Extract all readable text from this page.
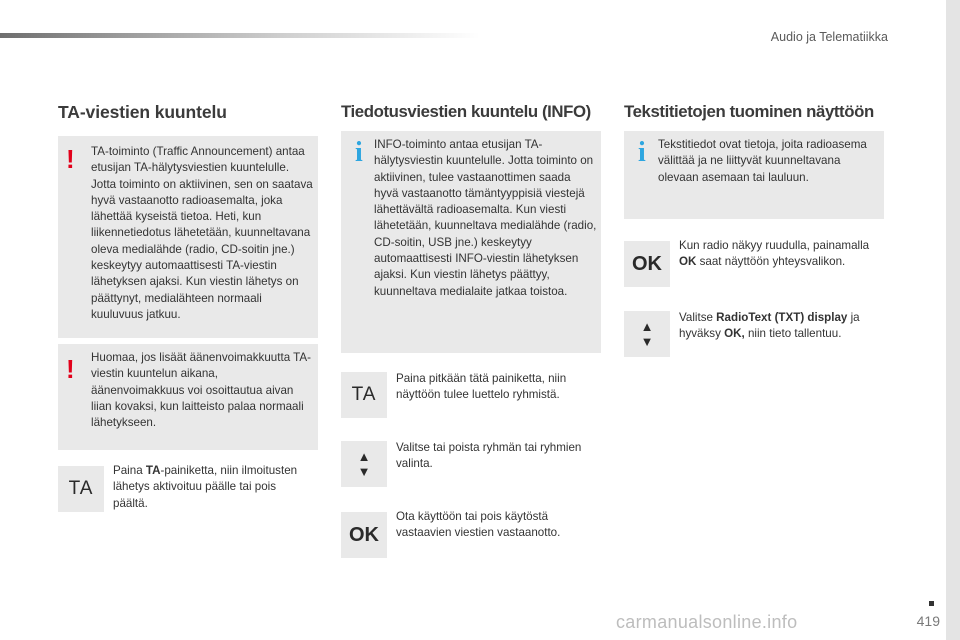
Audio ja Telematiikka
TA-viestien kuuntelu
! TA-toiminto (Traffic Announcement) antaa etusijan TA-hälytysviestien kuuntelulle. Jotta toiminto on aktiivinen, sen on saatava hyvä vastaanotto radioasemalta, joka lähettää kyseistä tietoa. Heti, kun liikennetiedotus lähetetään, kuunneltavana oleva medialähde (radio, CD-soitin jne.) keskeytyy automaattisesti TA-viestin lähetyksen ajaksi. Kun viestin lähetys on päättynyt, medialähteen normaali kuuluvuus jatkuu.
! Huomaa, jos lisäät äänenvoimakkuutta TA-viestin kuuntelun aikana, äänenvoimakkuus voi osoittautua aivan liian kovaksi, kun laitteisto palaa normaali lähetykseen.
TA
Paina TA-painiketta, niin ilmoitusten lähetys aktivoituu päälle tai pois päältä.
Tiedotusviestien kuuntelu (INFO)
i INFO-toiminto antaa etusijan TA-hälytysviestin kuuntelulle. Jotta toiminto on aktiivinen, tulee vastaanottimen saada hyvä vastaanotto tämäntyyppisiä viestejä lähettävältä radioasemalta. Kun viesti lähetetään, kuunneltava medialähde (radio, CD-soitin, USB jne.) keskeytyy automaattisesti INFO-viestin lähetyksen ajaksi. Kun viestin lähetys päättyy, kuunneltava medialaite jatkaa toistoa.
TA
Paina pitkään tätä painiketta, niin näyttöön tulee luettelo ryhmistä.
▲
▼
Valitse tai poista ryhmän tai ryhmien valinta.
OK
Ota käyttöön tai pois käytöstä vastaavien viestien vastaanotto.
Tekstitietojen tuominen näyttöön
i Tekstitiedot ovat tietoja, joita radioasema välittää ja ne liittyvät kuunneltavana olevaan asemaan tai lauluun.
OK
Kun radio näkyy ruudulla, painamalla OK saat näyttöön yhteysvalikon.
▲
▼
Valitse RadioText (TXT) display ja hyväksy OK, niin tieto tallentuu.
419
carmanualsonline.info
